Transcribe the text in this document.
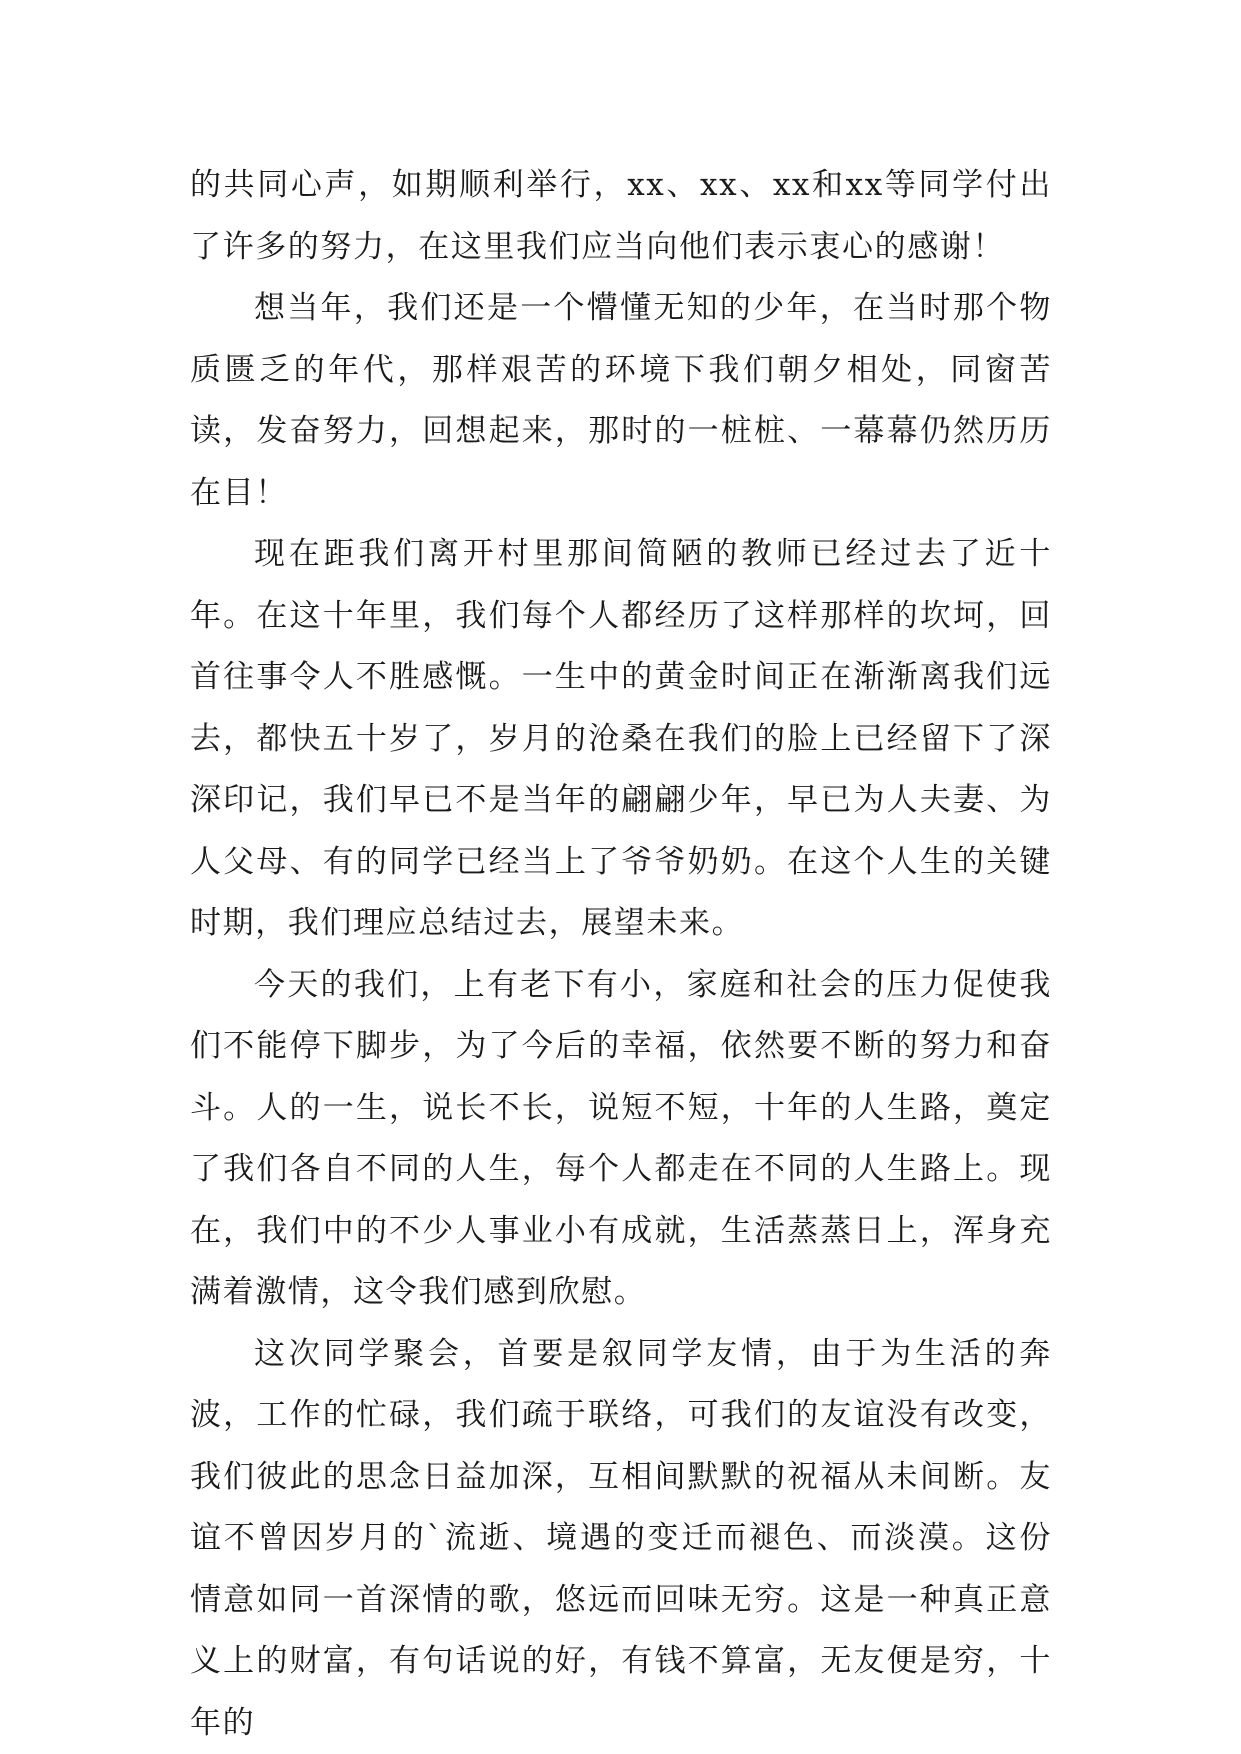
的共同心声，如期顺利举行，xx、xx、xx和xx等同学付出了许多的努力，在这里我们应当向他们表示衷心的感谢！

想当年，我们还是一个懵懂无知的少年，在当时那个物质匮乏的年代，那样艰苦的环境下我们朝夕相处，同窗苦读，发奋努力，回想起来，那时的一桩桩、一幕幕仍然历历在目！

现在距我们离开村里那间简陋的教师已经过去了近十年。在这十年里，我们每个人都经历了这样那样的坎坷，回首往事令人不胜感慨。一生中的黄金时间正在渐渐离我们远去，都快五十岁了，岁月的沧桑在我们的脸上已经留下了深深印记，我们早已不是当年的翩翩少年，早已为人夫妻、为人父母、有的同学已经当上了爷爷奶奶。在这个人生的关键时期，我们理应总结过去，展望未来。

今天的我们，上有老下有小，家庭和社会的压力促使我们不能停下脚步，为了今后的幸福，依然要不断的努力和奋斗。人的一生，说长不长，说短不短，十年的人生路，奠定了我们各自不同的人生，每个人都走在不同的人生路上。现在，我们中的不少人事业小有成就，生活蒸蒸日上，浑身充满着激情，这令我们感到欣慰。

这次同学聚会，首要是叙同学友情，由于为生活的奔波，工作的忙碌，我们疏于联络，可我们的友谊没有改变，我们彼此的思念日益加深，互相间默默的祝福从未间断。友谊不曾因岁月的`流逝、境遇的变迁而褪色、而淡漠。这份情意如同一首深情的歌，悠远而回味无穷。这是一种真正意义上的财富，有句话说的好，有钱不算富，无友便是穷，十年的
